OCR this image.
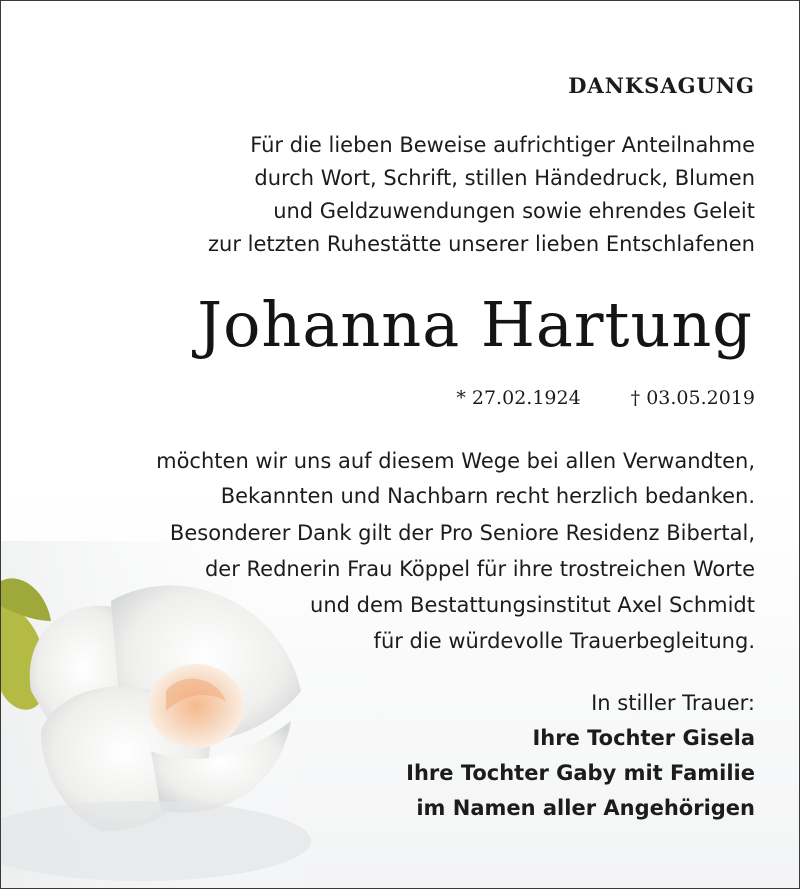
DANKSAGUNG
Für die lieben Beweise aufrichtiger Anteilnahme
durch Wort, Schrift, stillen Händedruck, Blumen
und Geldzuwendungen sowie ehrendes Geleit
zur letzten Ruhestätte unserer lieben Entschlafenen
Johanna Hartung
* 27.02.1924	† 03.05.2019
möchten wir uns auf diesem Wege bei allen Verwandten,
Bekannten und Nachbarn recht herzlich bedanken.
Besonderer Dank gilt der Pro Seniore Residenz Bibertal,
der Rednerin Frau Köppel für ihre trostreichen Worte
und dem Bestattungsinstitut Axel Schmidt
für die würdevolle Trauerbegleitung.
In stiller Trauer:
Ihre Tochter Gisela
Ihre Tochter Gaby mit Familie
im Namen aller Angehörigen
